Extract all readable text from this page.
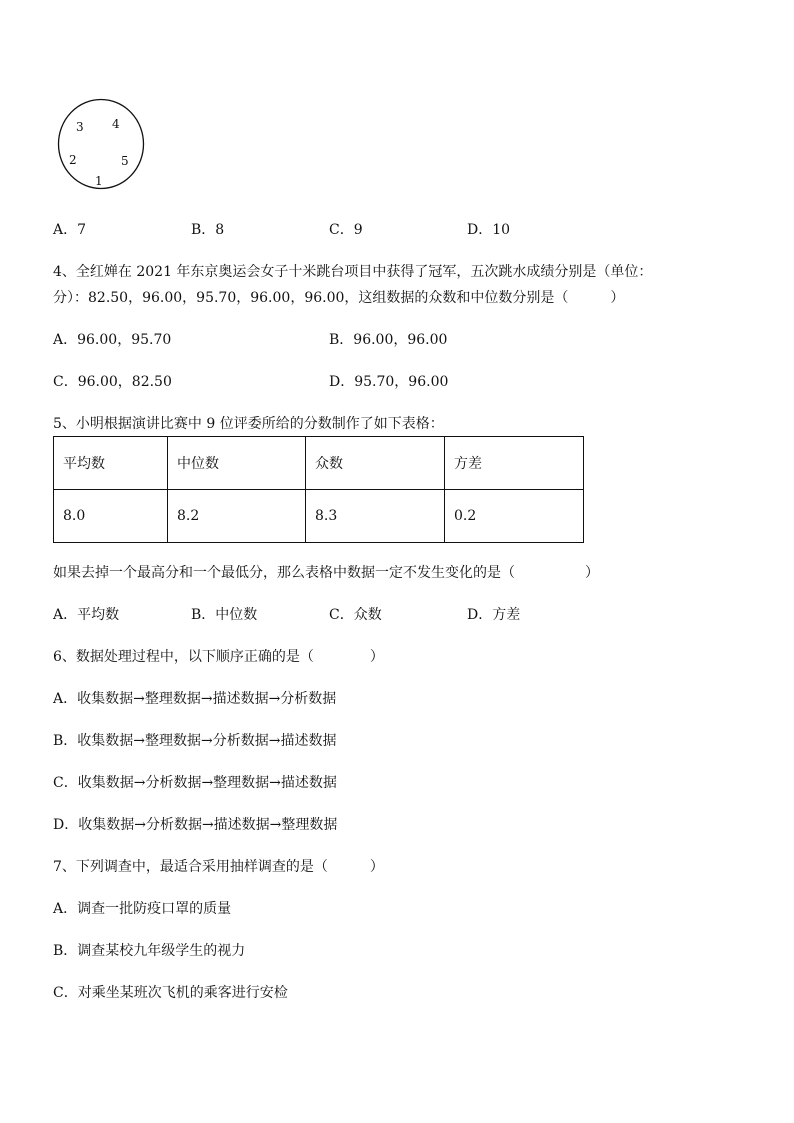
3 4
2	5
1
A．7	B．8	C．9	D．10
4、全红婵在 2021 年东京奥运会女子十米跳台项目中获得了冠军，五次跳水成绩分别是（单位：
分）：82.50，96.00，95.70，96.00，96.00，这组数据的众数和中位数分别是（　　　）
A．96.00，95.70	B．96.00，96.00
C．96.00，82.50	D．95.70，96.00
5、小明根据演讲比赛中 9 位评委所给的分数制作了如下表格：
平均数	中位数	众数	方差
8.0	8.2	8.3	0.2
如果去掉一个最高分和一个最低分，那么表格中数据一定不发生变化的是（　　　　　）
A．平均数	B．中位数	C．众数	D．方差
6、数据处理过程中，以下顺序正确的是（　　　　）
A．收集数据→整理数据→描述数据→分析数据
B．收集数据→整理数据→分析数据→描述数据
C．收集数据→分析数据→整理数据→描述数据
D．收集数据→分析数据→描述数据→整理数据
7、下列调查中，最适合采用抽样调查的是（　　　）
A．调查一批防疫口罩的质量
B．调查某校九年级学生的视力
C．对乘坐某班次飞机的乘客进行安检
